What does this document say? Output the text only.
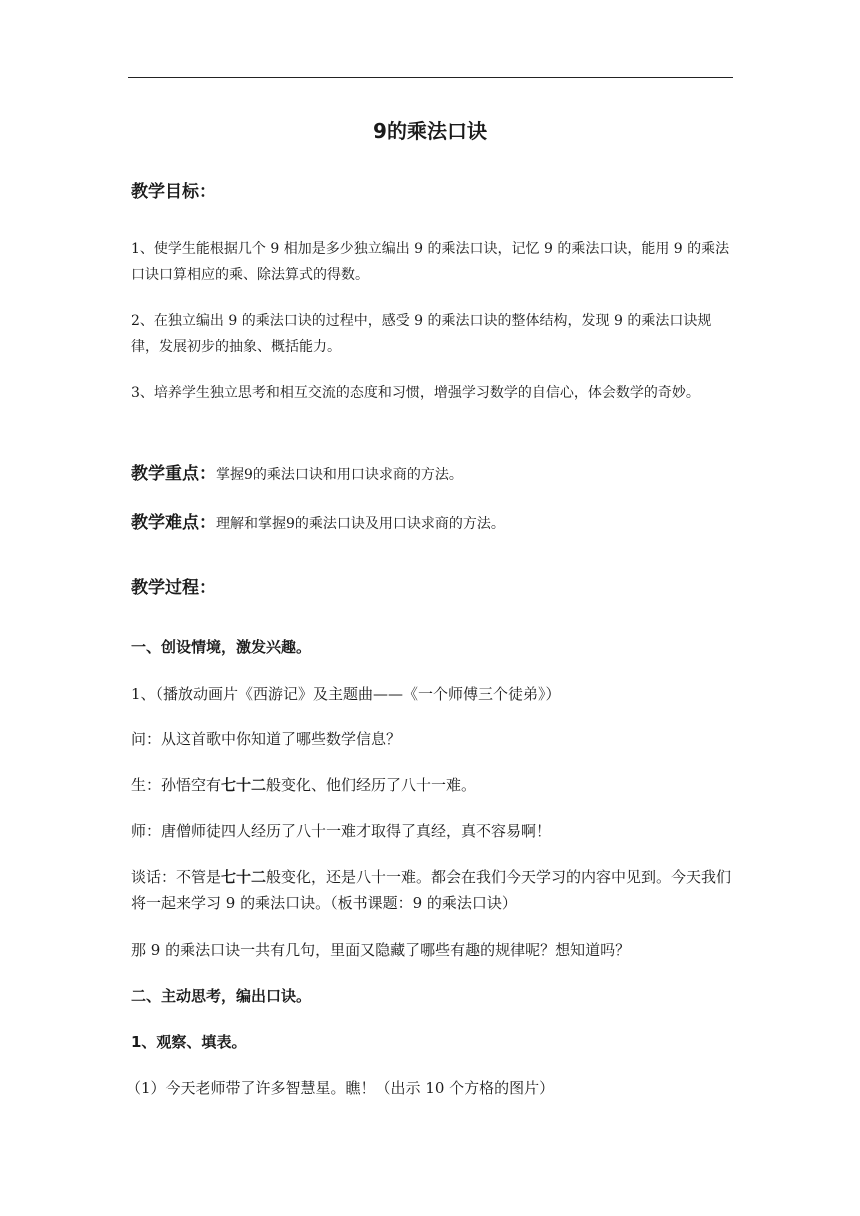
9的乘法口诀

教学目标：

1、使学生能根据几个 9 相加是多少独立编出 9 的乘法口诀，记忆 9 的乘法口诀，能用 9 的乘法口诀口算相应的乘、除法算式的得数。

2、在独立编出 9 的乘法口诀的过程中，感受 9 的乘法口诀的整体结构，发现 9 的乘法口诀规律，发展初步的抽象、概括能力。

3、培养学生独立思考和相互交流的态度和习惯，增强学习数学的自信心，体会数学的奇妙。

教学重点：掌握9的乘法口诀和用口诀求商的方法。

教学难点：理解和掌握9的乘法口诀及用口诀求商的方法。

教学过程：

一、创设情境，激发兴趣。

1、（播放动画片《西游记》及主题曲——《一个师傅三个徒弟》）

问：从这首歌中你知道了哪些数学信息？

生：孙悟空有七十二般变化、他们经历了八十一难。

师：唐僧师徒四人经历了八十一难才取得了真经，真不容易啊！

谈话：不管是七十二般变化，还是八十一难。都会在我们今天学习的内容中见到。今天我们将一起来学习 9 的乘法口诀。（板书课题：9 的乘法口诀）

那 9 的乘法口诀一共有几句，里面又隐藏了哪些有趣的规律呢？想知道吗？

二、主动思考，编出口诀。

1、观察、填表。

（1）今天老师带了许多智慧星。瞧！（出示 10 个方格的图片）
